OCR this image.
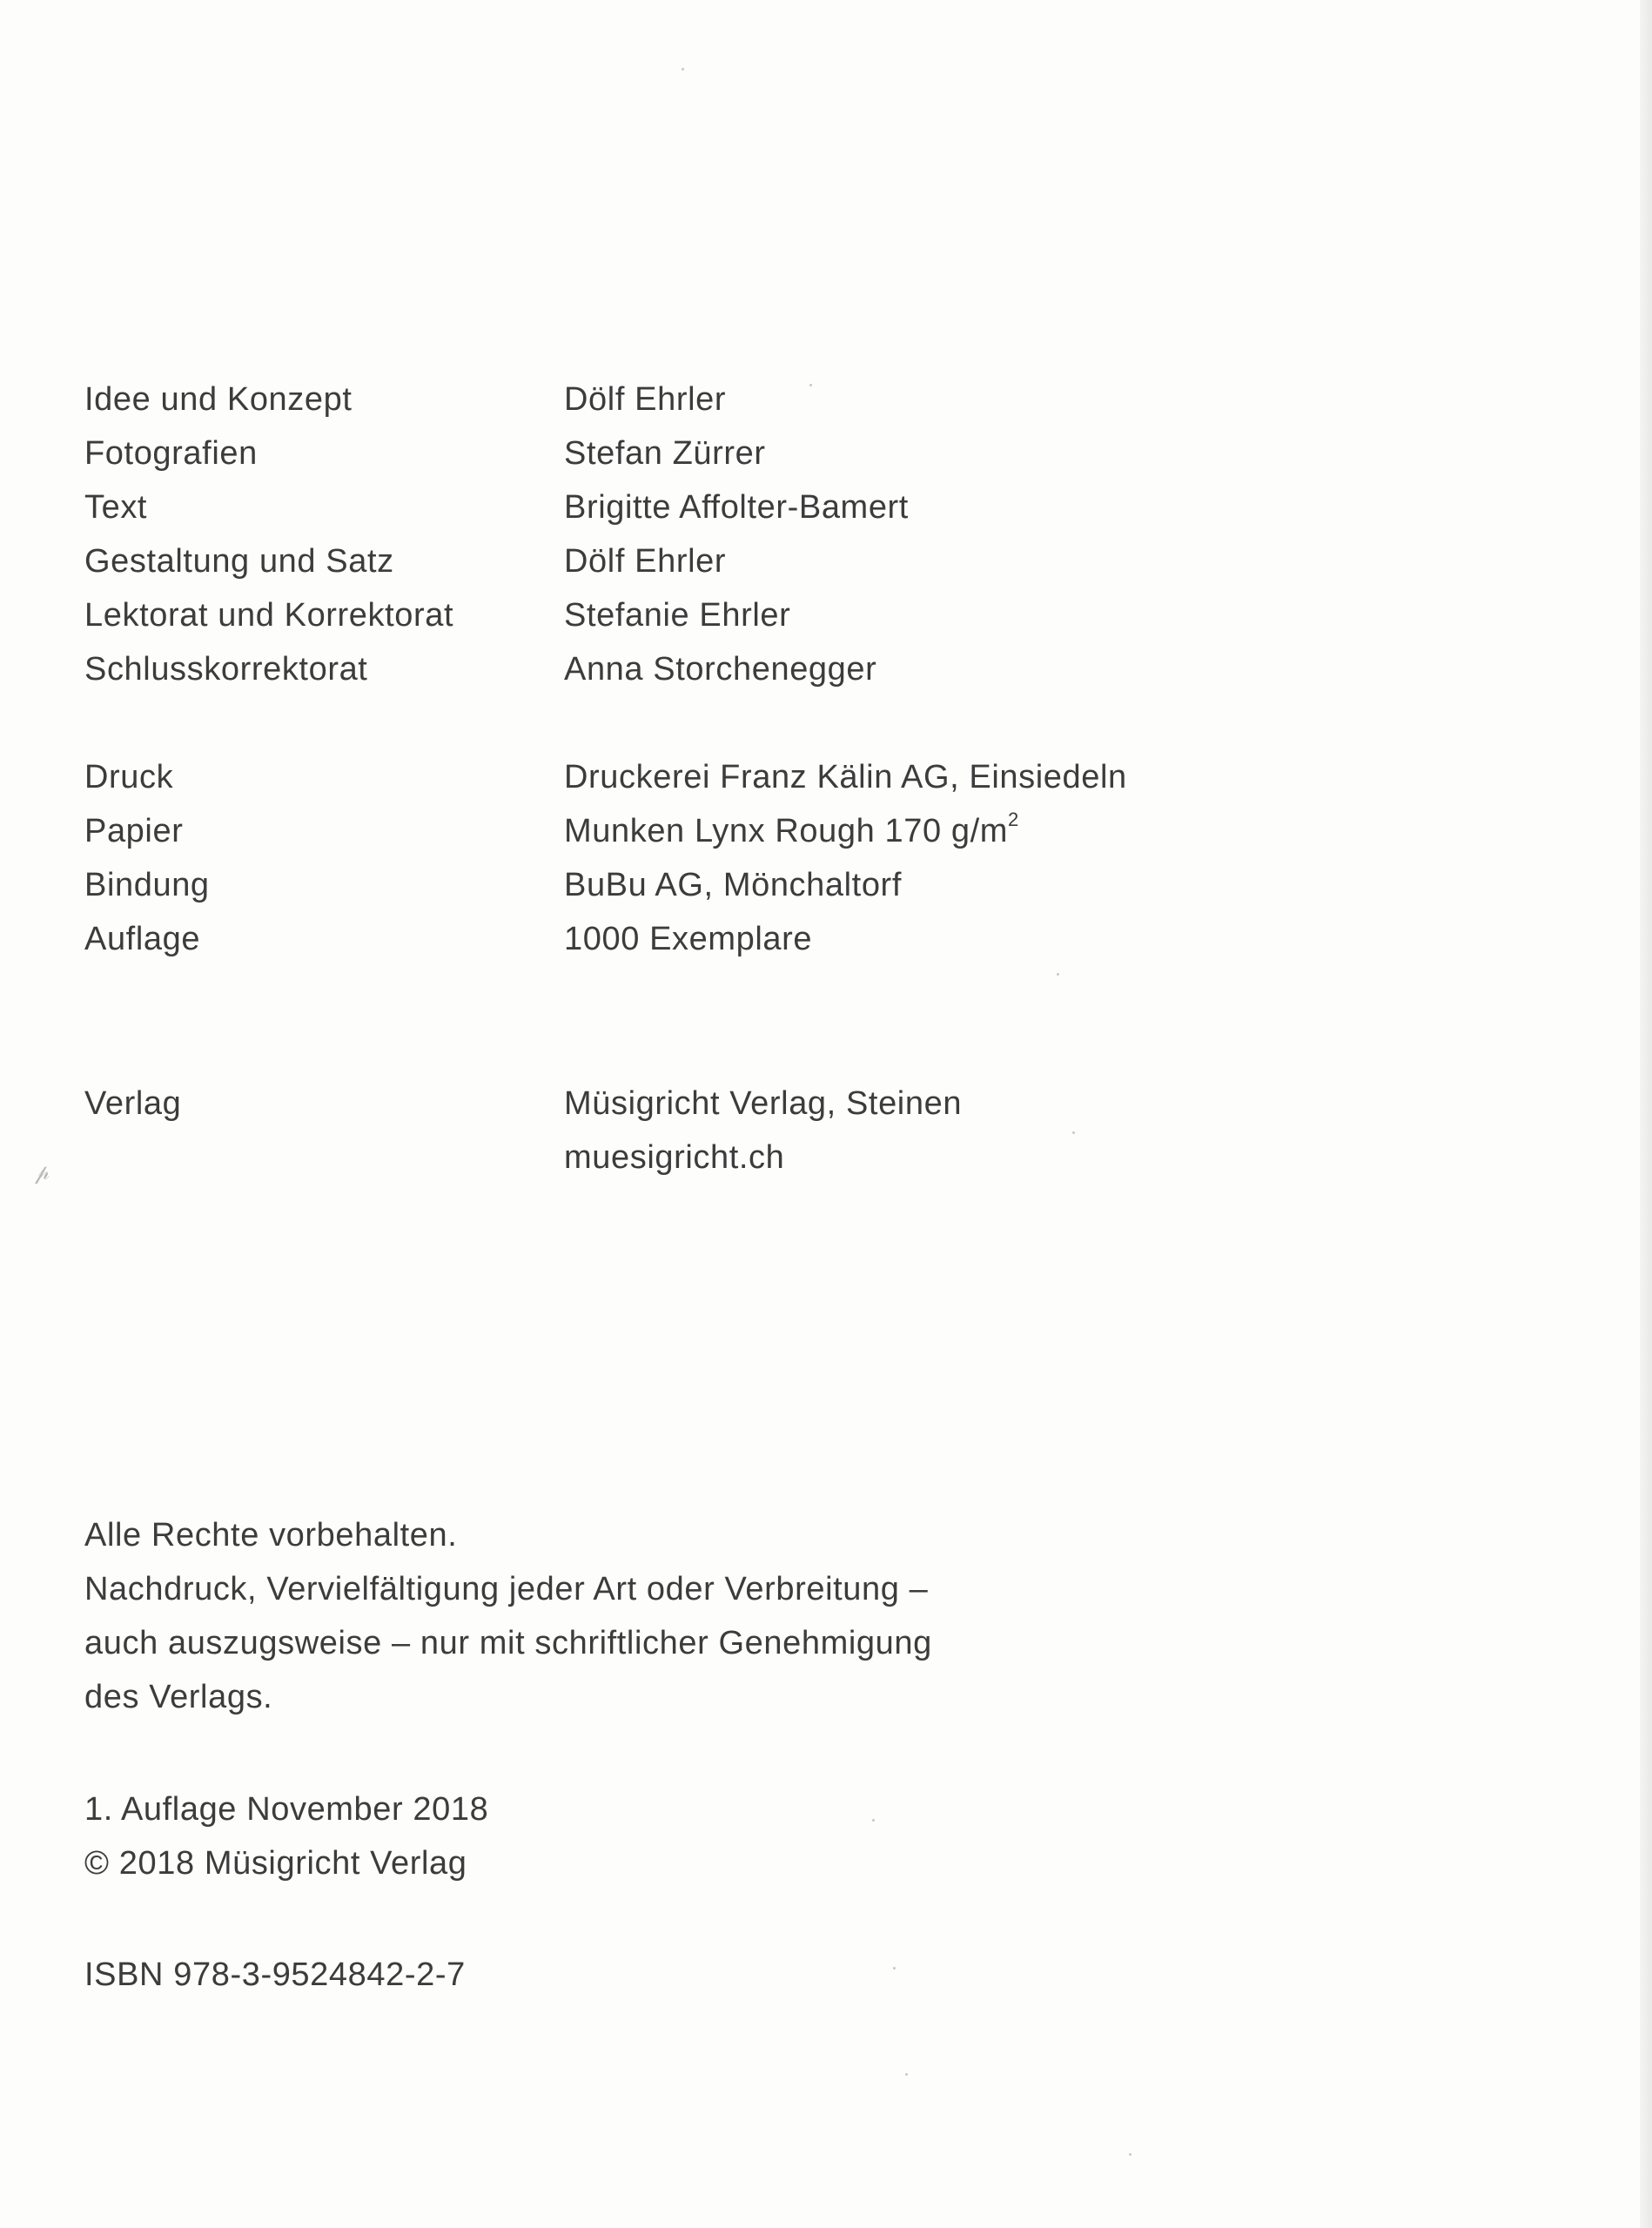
Idee und Konzept	Dölf Ehrler
Fotografien	Stefan Zürrer
Text	Brigitte Affolter-Bamert
Gestaltung und Satz	Dölf Ehrler
Lektorat und Korrektorat	Stefanie Ehrler
Schlusskorrektorat	Anna Storchenegger
Druck	Druckerei Franz Kälin AG, Einsiedeln
Papier	Munken Lynx Rough 170 $g/m^2$
Bindung	BuBu AG, Mönchaltorf
Auflage	1000 Exemplare
Verlag	Müsigricht Verlag, Steinen
muesigricht.ch
Alle Rechte vorbehalten.
Nachdruck, Vervielfältigung jeder Art oder Verbreitung –
auch auszugsweise – nur mit schriftlicher Genehmigung
des Verlags.
1. Auflage November 2018
© 2018 Müsigricht Verlag
ISBN 978-3-9524842-2-7
𝓅
